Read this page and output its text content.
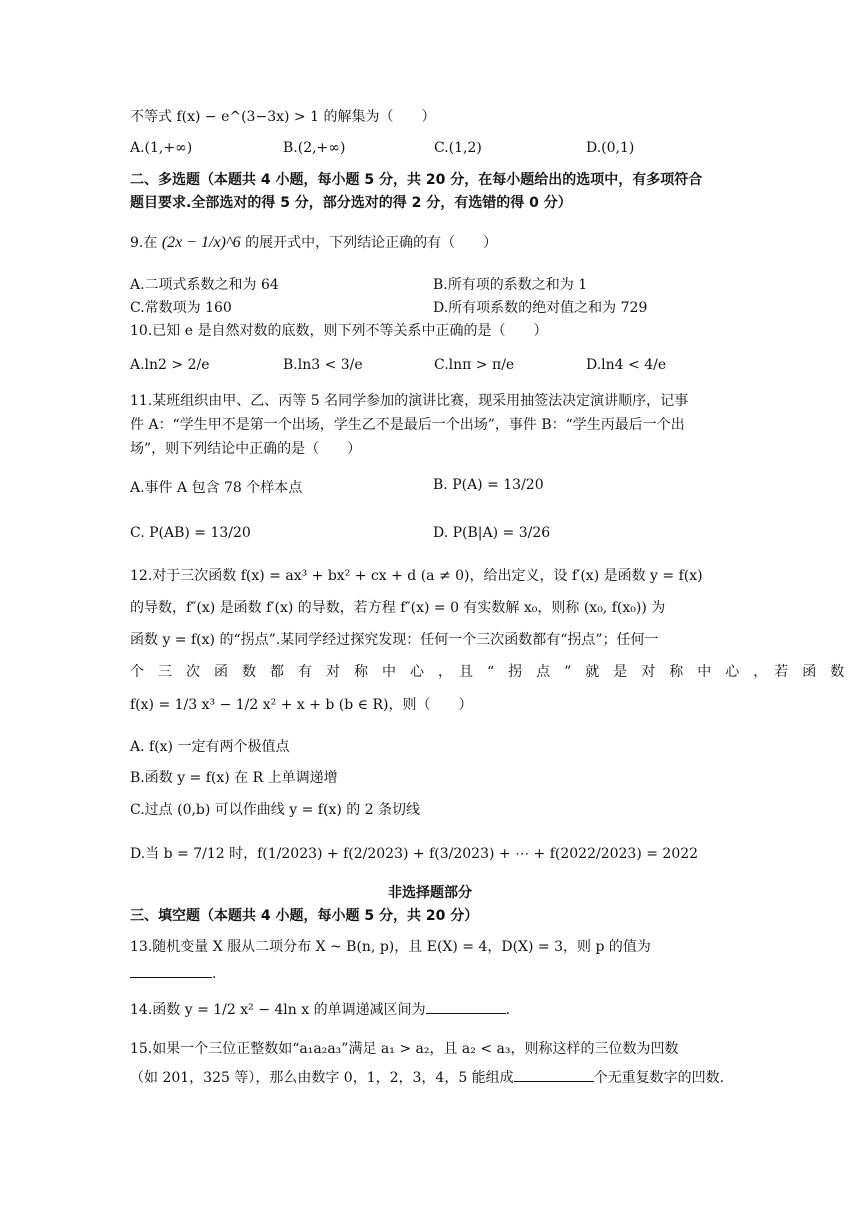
不等式 f(x) − e^(3−3x) > 1 的解集为（　　）
A.(1,+∞)	B.(2,+∞)	C.(1,2)	D.(0,1)
二、多选题（本题共 4 小题，每小题 5 分，共 20 分，在每小题给出的选项中，有多项符合
题目要求.全部选对的得 5 分，部分选对的得 2 分，有选错的得 0 分）
9.在 (2x − 1/x)^6 的展开式中，下列结论正确的有（　　）
A.二项式系数之和为 64	B.所有项的系数之和为 1
C.常数项为 160	D.所有项系数的绝对值之和为 729
10.已知 e 是自然对数的底数，则下列不等关系中正确的是（　　）
A.ln2 > 2/e	B.ln3 < 3/e	C.lnπ > π/e	D.ln4 < 4/e
11.某班组织由甲、乙、丙等 5 名同学参加的演讲比赛，现采用抽签法决定演讲顺序，记事
件 A：“学生甲不是第一个出场，学生乙不是最后一个出场”，事件 B：“学生丙最后一个出
场”，则下列结论中正确的是（　　）
A.事件 A 包含 78 个样本点	B. P(A) = 13/20
C. P(AB) = 13/20	D. P(B|A) = 3/26
12.对于三次函数 f(x) = ax³ + bx² + cx + d (a ≠ 0)，给出定义，设 f′(x) 是函数 y = f(x)
的导数，f″(x) 是函数 f′(x) 的导数，若方程 f″(x) = 0 有实数解 x₀，则称 (x₀, f(x₀)) 为
函数 y = f(x) 的“拐点”.某同学经过探究发现：任何一个三次函数都有“拐点”；任何一
个　三　次　函　数　都　有　对　称　中　心　，　且　“　拐　点　”　就　是　对　称　中　心　，　若　函　数
f(x) = 1/3 x³ − 1/2 x² + x + b (b ∈ R)，则（　　）
A. f(x) 一定有两个极值点
B.函数 y = f(x) 在 R 上单调递增
C.过点 (0,b) 可以作曲线 y = f(x) 的 2 条切线
D.当 b = 7/12 时，f(1/2023) + f(2/2023) + f(3/2023) + ⋯ + f(2022/2023) = 2022
非选择题部分
三、填空题（本题共 4 小题，每小题 5 分，共 20 分）
13.随机变量 X 服从二项分布 X ~ B(n, p)，且 E(X) = 4，D(X) = 3，则 p 的值为
.
14.函数 y = 1/2 x² − 4ln x 的单调递减区间为	.
15.如果一个三位正整数如“a₁a₂a₃”满足 a₁ > a₂，且 a₂ < a₃，则称这样的三位数为凹数
（如 201，325 等），那么由数字 0，1，2，3，4，5 能组成	个无重复数字的凹数.
